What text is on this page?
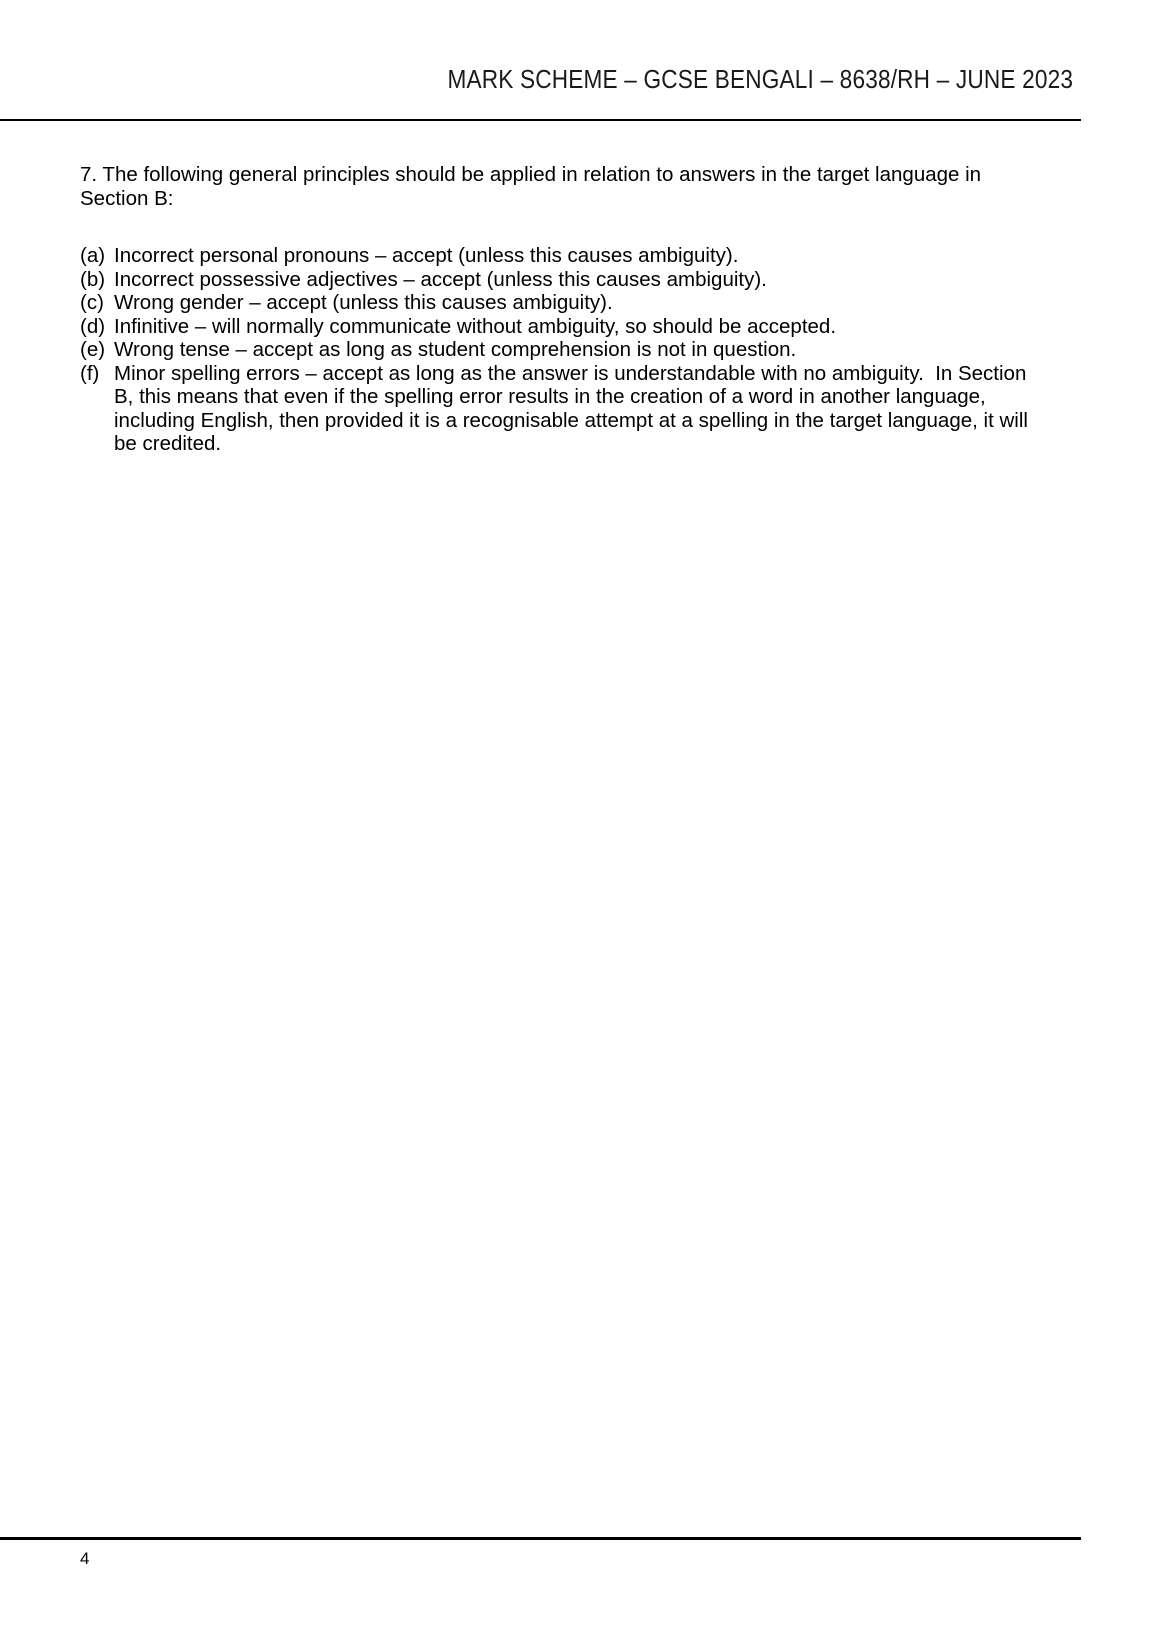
MARK SCHEME – GCSE BENGALI – 8638/RH – JUNE 2023

7. The following general principles should be applied in relation to answers in the target language in Section B:

(a) Incorrect personal pronouns – accept (unless this causes ambiguity).
(b) Incorrect possessive adjectives – accept (unless this causes ambiguity).
(c) Wrong gender – accept (unless this causes ambiguity).
(d) Infinitive – will normally communicate without ambiguity, so should be accepted.
(e) Wrong tense – accept as long as student comprehension is not in question.
(f) Minor spelling errors – accept as long as the answer is understandable with no ambiguity.  In Section B, this means that even if the spelling error results in the creation of a word in another language, including English, then provided it is a recognisable attempt at a spelling in the target language, it will be credited.
4
